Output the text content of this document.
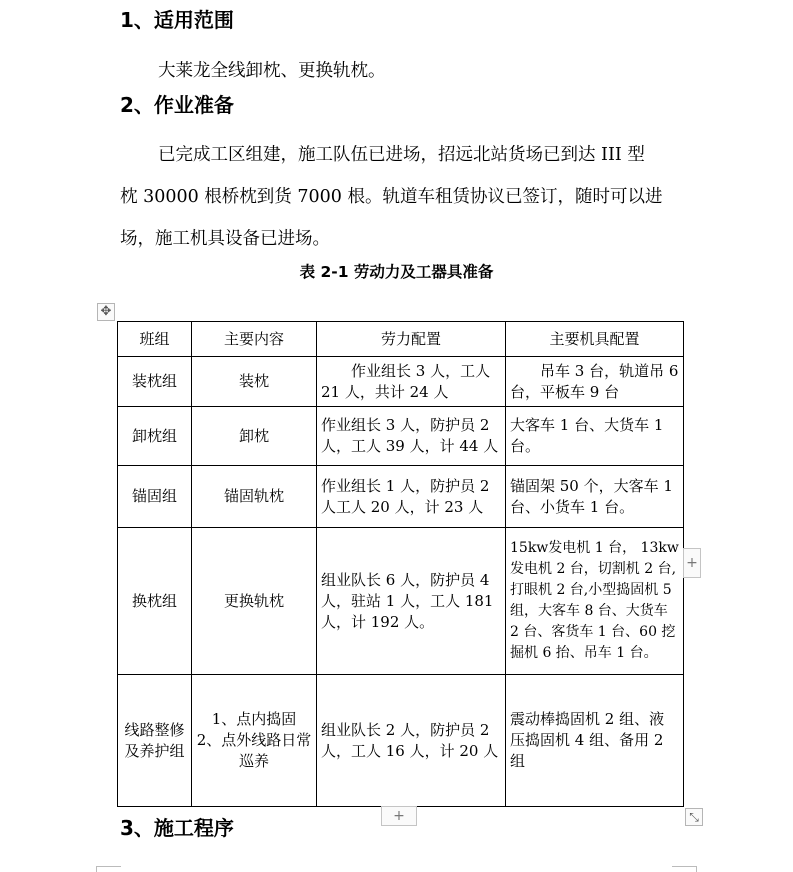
1、适用范围
大莱龙全线卸枕、更换轨枕。
2、作业准备
已完成工区组建，施工队伍已进场，招远北站货场已到达 III 型
枕 30000 根桥枕到货 7000 根。轨道车租赁协议已签订，随时可以进
场，施工机具设备已进场。
表 2-1 劳动力及工器具准备
✥
班组	主要内容	劳力配置	主要机具配置
装枕组	装枕	作业组长 3 人，工人 21 人，共计 24 人	吊车 3 台，轨道吊 6 台，平板车 9 台
卸枕组	卸枕	作业组长 3 人，防护员 2 人，工人 39 人，计 44 人	大客车 1 台、大货车 1 台。
锚固组	锚固轨枕	作业组长 1 人，防护员 2 人工人 20 人，计 23 人	锚固架 50 个，大客车 1 台、小货车 1 台。
换枕组	更换轨枕	组业队长 6 人，防护员 4 人，驻站 1 人，工人 181 人，计 192 人。	15kw发电机 1 台， 13kw 发电机 2 台，切割机 2 台,打眼机 2 台,小型捣固机 5组，大客车 8 台、大货车 2 台、客货车 1 台、60 挖掘机 6 抬、吊车 1 台。
线路整修及养护组	1、点内捣固
2、点外线路日常巡养	组业队长 2 人，防护员 2 人，工人 16 人，计 20 人	震动棒捣固机 2 组、液压捣固机 4 组、备用 2 组
+
+	⤡
3、施工程序
